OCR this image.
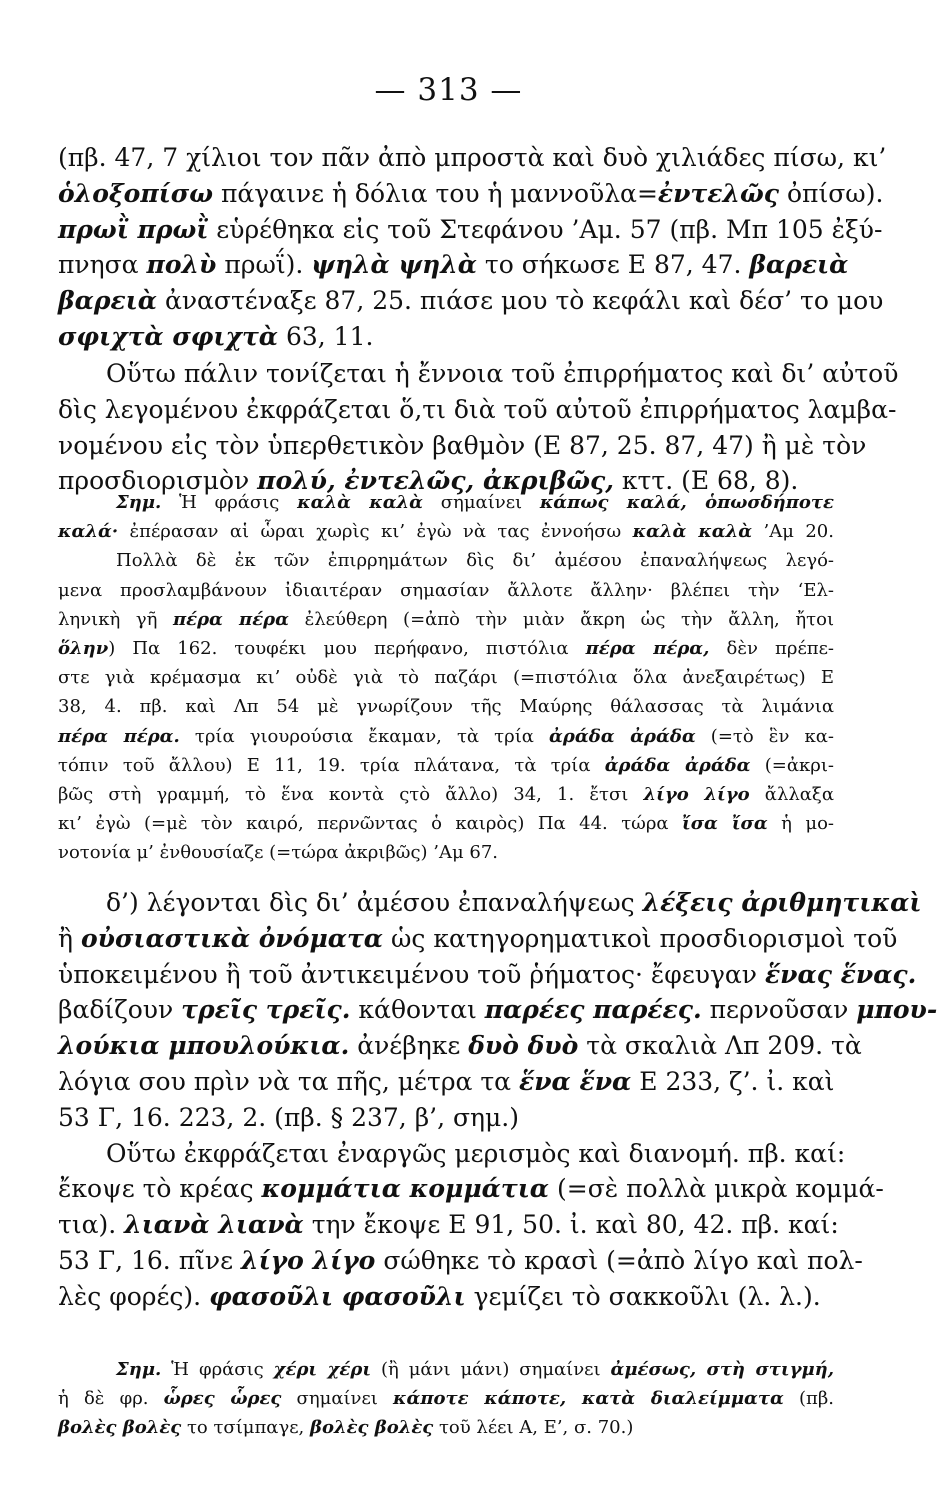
— 313 —
(πβ. 47, 7 χίλιοι τον πᾶν ἀπὸ μπροστὰ καὶ δυὸ χιλιάδες πίσω, κι’
ὁλοξοπίσω πάγαινε ἡ δόλια του ἡ μαννοῦλα=ἐντελῶς ὀπίσω).
πρωῒ πρωῒ εὑρέθηκα εἰς τοῦ Στεφάνου ’Αμ. 57 (πβ. Μπ 105 ἐξύ-
πνησα πολὺ πρωΐ). ψηλὰ ψηλὰ το σήκωσε Ε 87, 47. βαρειὰ
βαρειὰ ἀναστέναξε 87, 25. πιάσε μου τὸ κεφάλι καὶ δέσ’ το μου
σφιχτὰ σφιχτὰ 63, 11.
Οὕτω πάλιν τονίζεται ἡ ἔννοια τοῦ ἐπιρρήματος καὶ δι’ αὐτοῦ
δὶς λεγομένου ἐκφράζεται ὅ,τι διὰ τοῦ αὐτοῦ ἐπιρρήματος λαμβα-
νομένου εἰς τὸν ὑπερθετικὸν βαθμὸν (Ε 87, 25. 87, 47) ἢ μὲ τὸν
προσδιορισμὸν πολύ, ἐντελῶς, ἀκριβῶς, κττ. (Ε 68, 8).
Σημ. Ἡ φράσις καλὰ καλὰ σημαίνει κάπως καλά, ὁπωσδήποτε
καλά· ἐπέρασαν αἱ ὧραι χωρὶς κι’ ἐγὼ νὰ τας ἐννοήσω καλὰ καλὰ ’Αμ 20.
Πολλὰ δὲ ἐκ τῶν ἐπιρρημάτων δὶς δι’ ἀμέσου ἐπαναλήψεως λεγό-
μενα προσλαμβάνουν ἰδιαιτέραν σημασίαν ἄλλοτε ἄλλην· βλέπει τὴν ‘Ελ-
ληνικὴ γῆ πέρα πέρα ἐλεύθερη (=ἀπὸ τὴν μιὰν ἄκρη ὡς τὴν ἄλλη, ἤτοι
ὅλην) Πα 162. τουφέκι μου περήφανο, πιστόλια πέρα πέρα, δὲν πρέπε-
στε γιὰ κρέμασμα κι’ οὐδὲ γιὰ τὸ παζάρι (=πιστόλια ὅλα ἀνεξαιρέτως) Ε
38, 4. πβ. καὶ Λπ 54 μὲ γνωρίζουν τῆς Μαύρης θάλασσας τὰ λιμάνια
πέρα πέρα. τρία γιουρούσια ἔκαμαν, τὰ τρία ἀράδα ἀράδα (=τὸ ἓν κα-
τόπιν τοῦ ἄλλου) Ε 11, 19. τρία πλάτανα, τὰ τρία ἀράδα ἀράδα (=ἀκρι-
βῶς στὴ γραμμή, τὸ ἕνα κοντὰ ςτὸ ἄλλο) 34, 1. ἔτσι λίγο λίγο ἄλλαξα
κι’ ἐγὼ (=μὲ τὸν καιρό, περνῶντας ὁ καιρὸς) Πα 44. τώρα ἴσα ἴσα ἡ μο-
νοτονία μ’ ἐνθουσίαζε (=τώρα ἀκριβῶς) ’Αμ 67.
δ’) λέγονται δὶς δι’ ἀμέσου ἐπαναλήψεως λέξεις ἀριθμητικαὶ
ἢ οὐσιαστικὰ ὀνόματα ὡς κατηγορηματικοὶ προσδιορισμοὶ τοῦ
ὑποκειμένου ἢ τοῦ ἀντικειμένου τοῦ ῥήματος· ἔφευγαν ἕνας ἕνας.
βαδίζουν τρεῖς τρεῖς. κάθονται παρέες παρέες. περνοῦσαν μπου-
λούκια μπουλούκια. ἀνέβηκε δυὸ δυὸ τὰ σκαλιὰ Λπ 209. τὰ
λόγια σου πρὶν νὰ τα πῆς, μέτρα τα ἕνα ἕνα Ε 233, ζ’. ἰ. καὶ
53 Γ, 16. 223, 2. (πβ. § 237, β’, σημ.)
Οὕτω ἐκφράζεται ἐναργῶς μερισμὸς καὶ διανομή. πβ. καί:
ἔκοψε τὸ κρέας κομμάτια κομμάτια (=σὲ πολλὰ μικρὰ κομμά-
τια). λιανὰ λιανὰ την ἔκοψε Ε 91, 50. ἰ. καὶ 80, 42. πβ. καί:
53 Γ, 16. πῖνε λίγο λίγο σώθηκε τὸ κρασὶ (=ἀπὸ λίγο καὶ πολ-
λὲς φορές). φασοῦλι φασοῦλι γεμίζει τὸ σακκοῦλι (λ. λ.).
Σημ. Ἡ φράσις χέρι χέρι (ἢ μάνι μάνι) σημαίνει ἀμέσως, στὴ στιγμή,
ἡ δὲ φρ. ὧρες ὧρες σημαίνει κάποτε κάποτε, κατὰ διαλείμματα (πβ.
βολὲς βολὲς το τσίμπαγε, βολὲς βολὲς τοῦ λέει Α, Ε’, σ. 70.)
